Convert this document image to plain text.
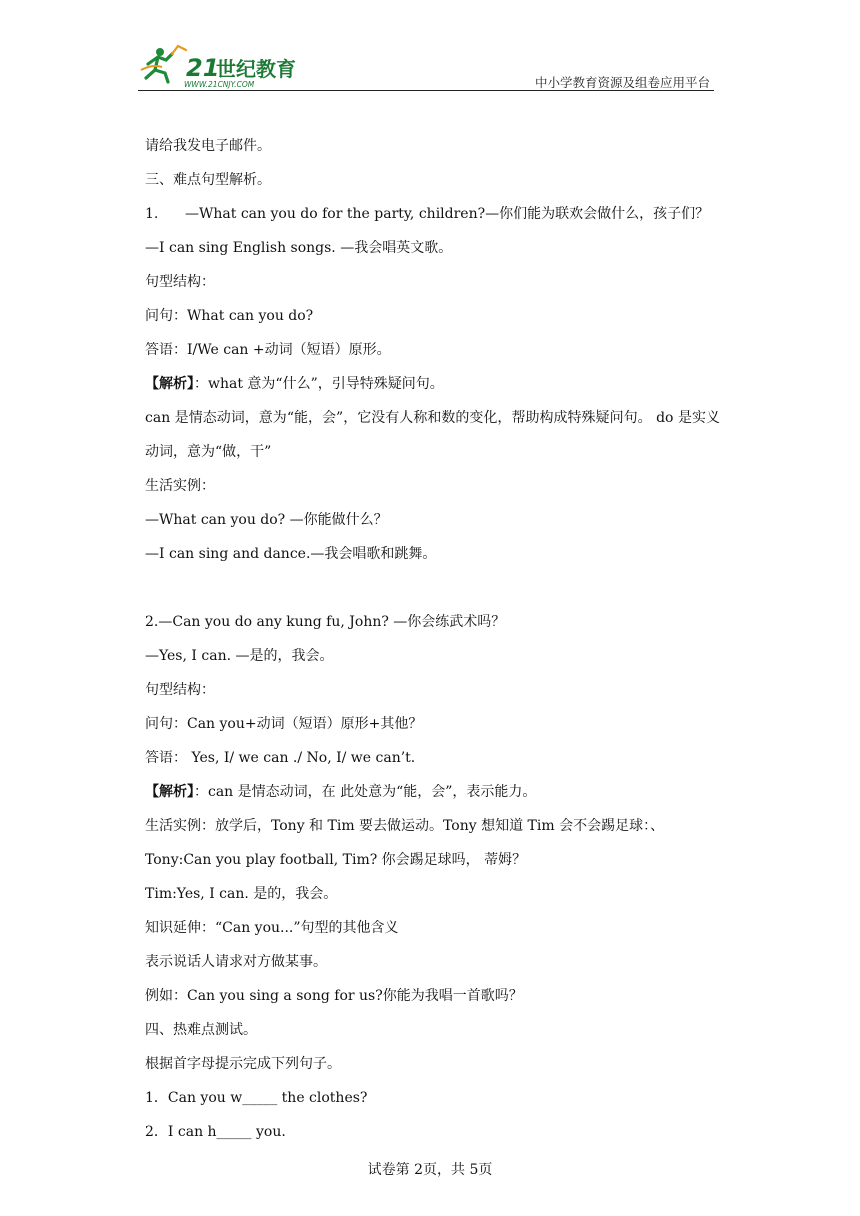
21
世纪教育
WWW.21CNJY.COM	中小学教育资源及组卷应用平台
请给我发电子邮件。
三、难点句型解析。
1. —What can you do for the party, children?—你们能为联欢会做什么，孩子们？
—I can sing English songs. —我会唱英文歌。
句型结构：
问句：What can you do?
答语：I/We can +动词（短语）原形。
【解析】：what 意为“什么”，引导特殊疑问句。
can 是情态动词，意为“能，会”，它没有人称和数的变化，帮助构成特殊疑问句。 do 是实义动词，意为“做，干”
生活实例：
—What can you do? —你能做什么？
—I can sing and dance.—我会唱歌和跳舞。
2.—Can you do any kung fu, John? —你会练武术吗？
—Yes, I can. —是的，我会。
句型结构：
问句：Can you+动词（短语）原形+其他？
答语： Yes, I/ we can ./ No, I/ we can’t.
【解析】：can 是情态动词，在 此处意为“能，会”，表示能力。
生活实例：放学后，Tony 和 Tim 要去做运动。Tony 想知道 Tim 会不会踢足球：、
Tony:Can you play football, Tim? 你会踢足球吗， 蒂姆？
Tim:Yes, I can. 是的，我会。
知识延伸：“Can you...”句型的其他含义
表示说话人请求对方做某事。
例如：Can you sing a song for us?你能为我唱一首歌吗？
四、热难点测试。
根据首字母提示完成下列句子。
1．Can you w_____ the clothes?
2．I can h_____ you.
试卷第 2页，共 5页
